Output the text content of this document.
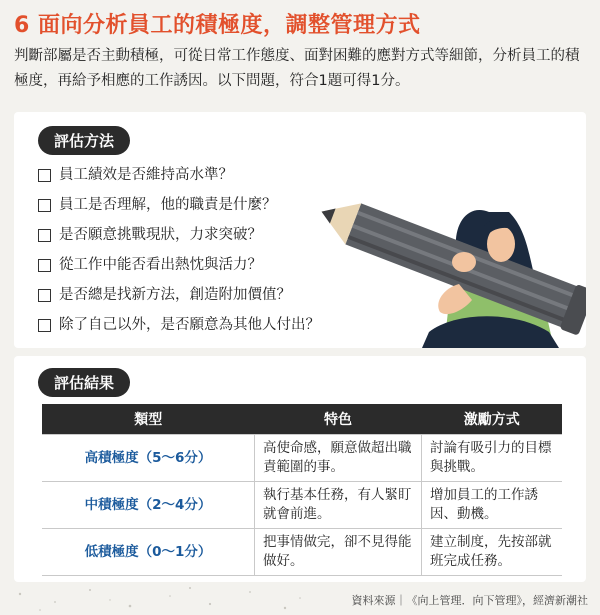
6 面向分析員工的積極度，調整管理方式
判斷部屬是否主動積極，可從日常工作態度、面對困難的應對方式等細節，分析員工的積極度，再給予相應的工作誘因。以下問題，符合1題可得1分。
評估方法
員工績效是否維持高水準？
員工是否理解，他的職責是什麼？
是否願意挑戰現狀，力求突破？
從工作中能否看出熱忱與活力？
是否總是找新方法，創造附加價值？
除了自己以外，是否願意為其他人付出？
評估結果
類型	特色	激勵方式
高積極度（5～6分）	高使命感，願意做超出職責範圍的事。	討論有吸引力的目標與挑戰。
中積極度（2～4分）	執行基本任務，有人緊盯就會前進。	增加員工的工作誘因、動機。
低積極度（0～1分）	把事情做完，卻不見得能做好。	建立制度，先按部就班完成任務。
資料來源｜《向上管理．向下管理》，經濟新潮社
